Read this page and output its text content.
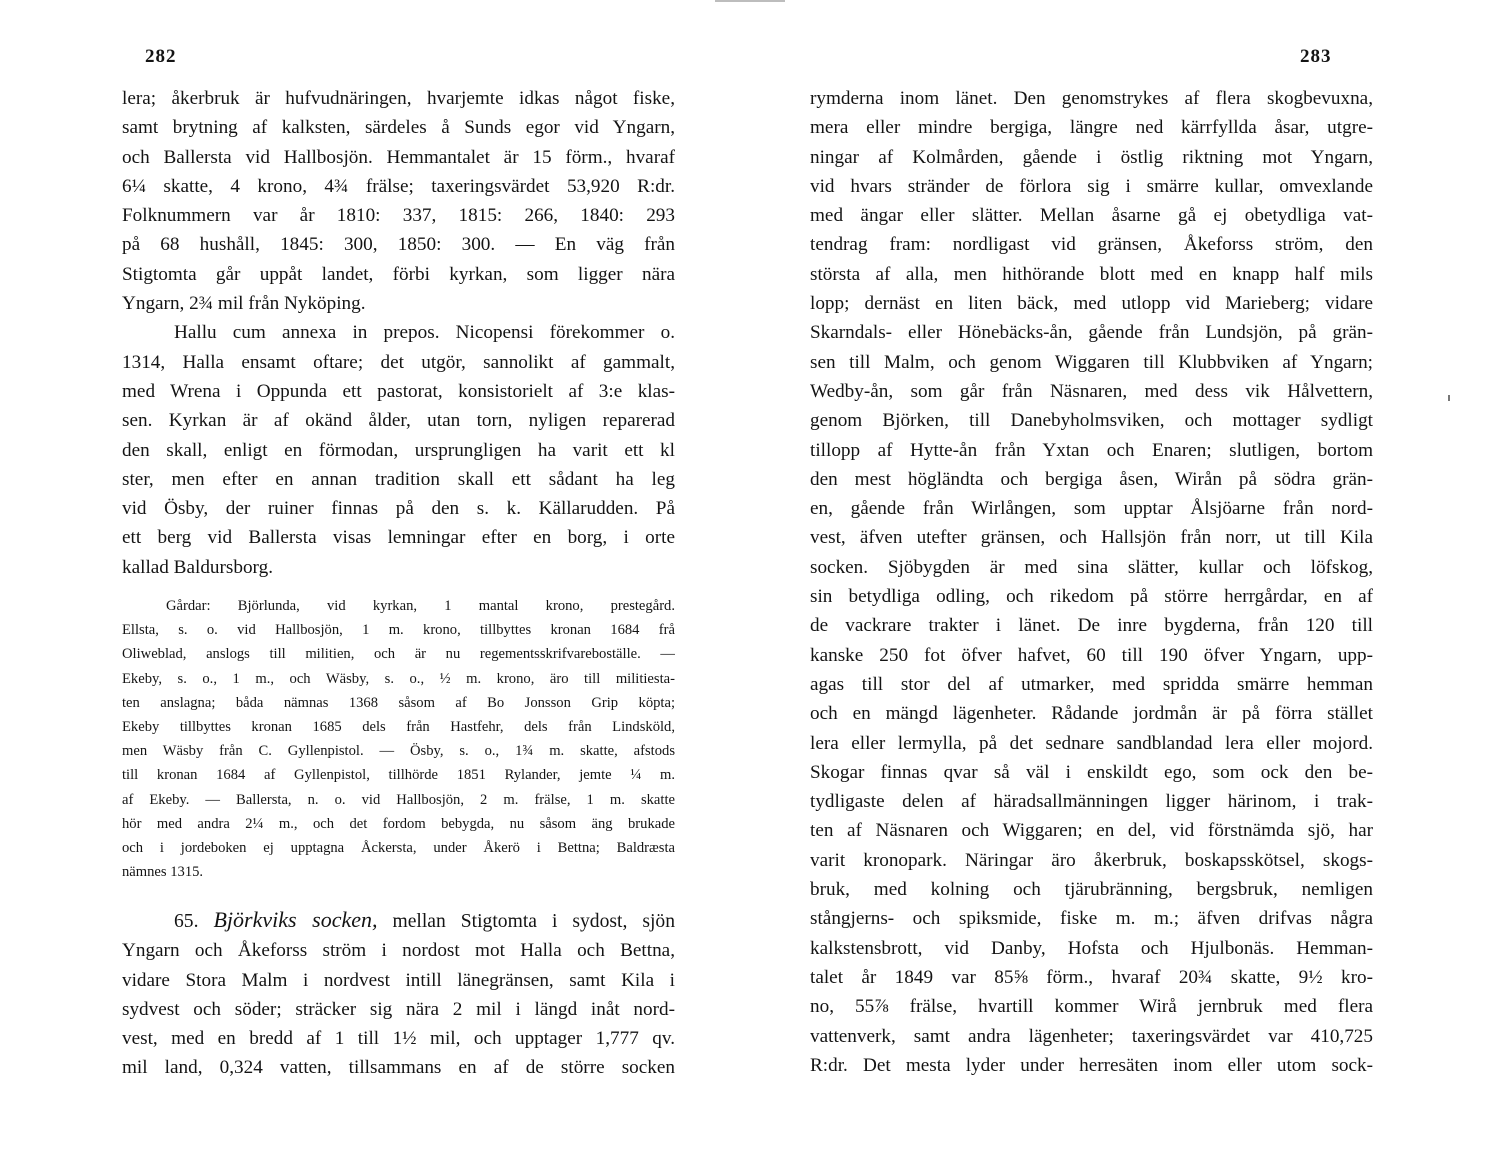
282
lera; åkerbruk är hufvudnäringen, hvarjemte idkas något fiske,
samt brytning af kalksten, särdeles å Sunds egor vid Yngarn,
och Ballersta vid Hallbosjön. Hemmantalet är 15 förm., hvaraf
6¼ skatte, 4 krono, 4¾ frälse; taxeringsvärdet 53,920 R:dr.
Folknummern var år 1810: 337, 1815: 266, 1840: 293
på 68 hushåll, 1845: 300, 1850: 300. — En väg från
Stigtomta går uppåt landet, förbi kyrkan, som ligger nära
Yngarn, 2¾ mil från Nyköping.
Hallu cum annexa in prepos. Nicopensi förekommer o.
1314, Halla ensamt oftare; det utgör, sannolikt af gammalt,
med Wrena i Oppunda ett pastorat, konsistorielt af 3:e klas-
sen. Kyrkan är af okänd ålder, utan torn, nyligen reparerad
den skall, enligt en förmodan, ursprungligen ha varit ett kl
ster, men efter en annan tradition skall ett sådant ha leg
vid Ösby, der ruiner finnas på den s. k. Källarudden. På
ett berg vid Ballersta visas lemningar efter en borg, i orte
kallad Baldursborg.
Gårdar: Björlunda, vid kyrkan, 1 mantal krono, prestegård.
Ellsta, s. o. vid Hallbosjön, 1 m. krono, tillbyttes kronan 1684 frå
Oliweblad, anslogs till militien, och är nu regementsskrifvareboställe. —
Ekeby, s. o., 1 m., och Wäsby, s. o., ½ m. krono, äro till militiesta-
ten anslagna; båda nämnas 1368 såsom af Bo Jonsson Grip köpta;
Ekeby tillbyttes kronan 1685 dels från Hastfehr, dels från Lindsköld,
men Wäsby från C. Gyllenpistol. — Ösby, s. o., 1¾ m. skatte, afstods
till kronan 1684 af Gyllenpistol, tillhörde 1851 Rylander, jemte ¼ m.
af Ekeby. — Ballersta, n. o. vid Hallbosjön, 2 m. frälse, 1 m. skatte
hör med andra 2¼ m., och det fordom bebygda, nu såsom äng brukade
och i jordeboken ej upptagna Åckersta, under Åkerö i Bettna; Baldræsta
nämnes 1315.
65. Björkviks socken, mellan Stigtomta i sydost, sjön
Yngarn och Åkeforss ström i nordost mot Halla och Bettna,
vidare Stora Malm i nordvest intill länegränsen, samt Kila i
sydvest och söder; sträcker sig nära 2 mil i längd inåt nord-
vest, med en bredd af 1 till 1½ mil, och upptager 1,777 qv.
mil land, 0,324 vatten, tillsammans en af de större socken
283
rymderna inom länet. Den genomstrykes af flera skogbevuxna,
mera eller mindre bergiga, längre ned kärrfyllda åsar, utgre-
ningar af Kolmården, gående i östlig riktning mot Yngarn,
vid hvars stränder de förlora sig i smärre kullar, omvexlande
med ängar eller slätter. Mellan åsarne gå ej obetydliga vat-
tendrag fram: nordligast vid gränsen, Åkeforss ström, den
största af alla, men hithörande blott med en knapp half mils
lopp; dernäst en liten bäck, med utlopp vid Marieberg; vidare
Skarndals- eller Hönebäcks-ån, gående från Lundsjön, på grän-
sen till Malm, och genom Wiggaren till Klubbviken af Yngarn;
Wedby-ån, som går från Näsnaren, med dess vik Hålvettern,
genom Björken, till Danebyholmsviken, och mottager sydligt
tillopp af Hytte-ån från Yxtan och Enaren; slutligen, bortom
den mest högländta och bergiga åsen, Wirån på södra grän-
en, gående från Wirlången, som upptar Ålsjöarne från nord-
vest, äfven utefter gränsen, och Hallsjön från norr, ut till Kila
socken. Sjöbygden är med sina slätter, kullar och löfskog,
sin betydliga odling, och rikedom på större herrgårdar, en af
de vackrare trakter i länet. De inre bygderna, från 120 till
kanske 250 fot öfver hafvet, 60 till 190 öfver Yngarn, upp-
agas till stor del af utmarker, med spridda smärre hemman
och en mängd lägenheter. Rådande jordmån är på förra stället
lera eller lermylla, på det sednare sandblandad lera eller mojord.
Skogar finnas qvar så väl i enskildt ego, som ock den be-
tydligaste delen af häradsallmänningen ligger härinom, i trak-
ten af Näsnaren och Wiggaren; en del, vid förstnämda sjö, har
varit kronopark. Näringar äro åkerbruk, boskapsskötsel, skogs-
bruk, med kolning och tjärubränning, bergsbruk, nemligen
stångjerns- och spiksmide, fiske m. m.; äfven drifvas några
kalkstensbrott, vid Danby, Hofsta och Hjulbonäs. Hemman-
talet år 1849 var 85⅝ förm., hvaraf 20¾ skatte, 9½ kro-
no, 55⅞ frälse, hvartill kommer Wirå jernbruk med flera
vattenverk, samt andra lägenheter; taxeringsvärdet var 410,725
R:dr. Det mesta lyder under herresäten inom eller utom sock-
